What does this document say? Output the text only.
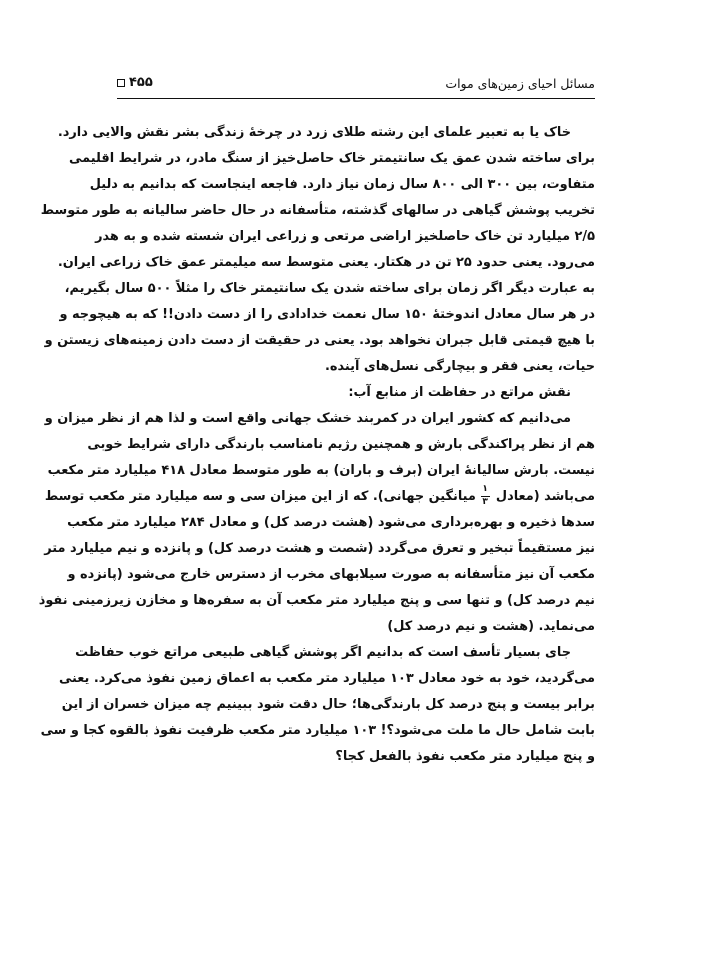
مسائل احیای زمین‌های موات
۴۵۵
خاک یا به تعبیر علمای این رشته طلای زرد در چرخهٔ زندگی بشر نقش والایی دارد.
برای ساخته شدن عمق یک سانتیمتر خاک حاصل‌خیز از سنگ مادر، در شرایط اقلیمی
متفاوت، بین ۳۰۰ الی ۸۰۰ سال زمان نیاز دارد. فاجعه اینجاست که بدانیم به دلیل
تخریب پوشش گیاهی در سالهای گذشته، متأسفانه در حال حاضر سالیانه به طور متوسط
۲/۵ میلیارد تن خاک حاصلخیز اراضی مرتعی و زراعی ایران شسته شده و به هدر
می‌رود. یعنی حدود ۲۵ تن در هکتار. یعنی متوسط سه میلیمتر عمق خاک زراعی ایران.
به عبارت دیگر اگر زمان برای ساخته شدن یک سانتیمتر خاک را مثلاً ۵۰۰ سال بگیریم،
در هر سال معادل اندوختهٔ ۱۵۰ سال نعمت خدادادی را از دست دادن!! که به هیچوجه و
با هیچ قیمتی قابل جبران نخواهد بود. یعنی در حقیقت از دست دادن زمینه‌های زیستن و
حیات، یعنی فقر و بیچارگی نسل‌های آینده.
نقش مراتع در حفاظت از منابع آب:
می‌دانیم که کشور ایران در کمربند خشک جهانی واقع است و لذا هم از نظر میزان و
هم از نظر پراکندگی بارش و همچنین رژیم نامناسب بارندگی دارای شرایط خوبی
نیست. بارش سالیانهٔ ایران (برف و باران) به طور متوسط معادل ۴۱۸ میلیارد متر مکعب
می‌باشد (معادل
$\frac{۱}{۳}$
میانگین جهانی). که از این میزان سی و سه میلیارد متر مکعب توسط
سدها ذخیره و بهره‌برداری می‌شود (هشت درصد کل) و معادل ۲۸۴ میلیارد متر مکعب
نیز مستقیماً تبخیر و تعرق می‌گردد (شصت و هشت درصد کل) و پانزده و نیم میلیارد متر
مکعب آن نیز متأسفانه به صورت سیلابهای مخرب از دسترس خارج می‌شود (پانزده و
نیم درصد کل) و تنها سی و پنج میلیارد متر مکعب آن به سفره‌ها و مخازن زیرزمینی نفوذ
می‌نماید. (هشت و نیم درصد کل)
جای بسیار تأسف است که بدانیم اگر پوشش گیاهی طبیعی مراتع خوب حفاظت
می‌گردید، خود به خود معادل ۱۰۳ میلیارد متر مکعب به اعماق زمین نفوذ می‌کرد. یعنی
برابر بیست و پنج درصد کل بارندگی‌ها؛ حال دقت شود ببینیم چه میزان خسران از این
بابت شامل حال ما ملت می‌شود؟! ۱۰۳ میلیارد متر مکعب ظرفیت نفوذ بالقوه کجا و سی
و پنج میلیارد متر مکعب نفوذ بالفعل کجا؟
